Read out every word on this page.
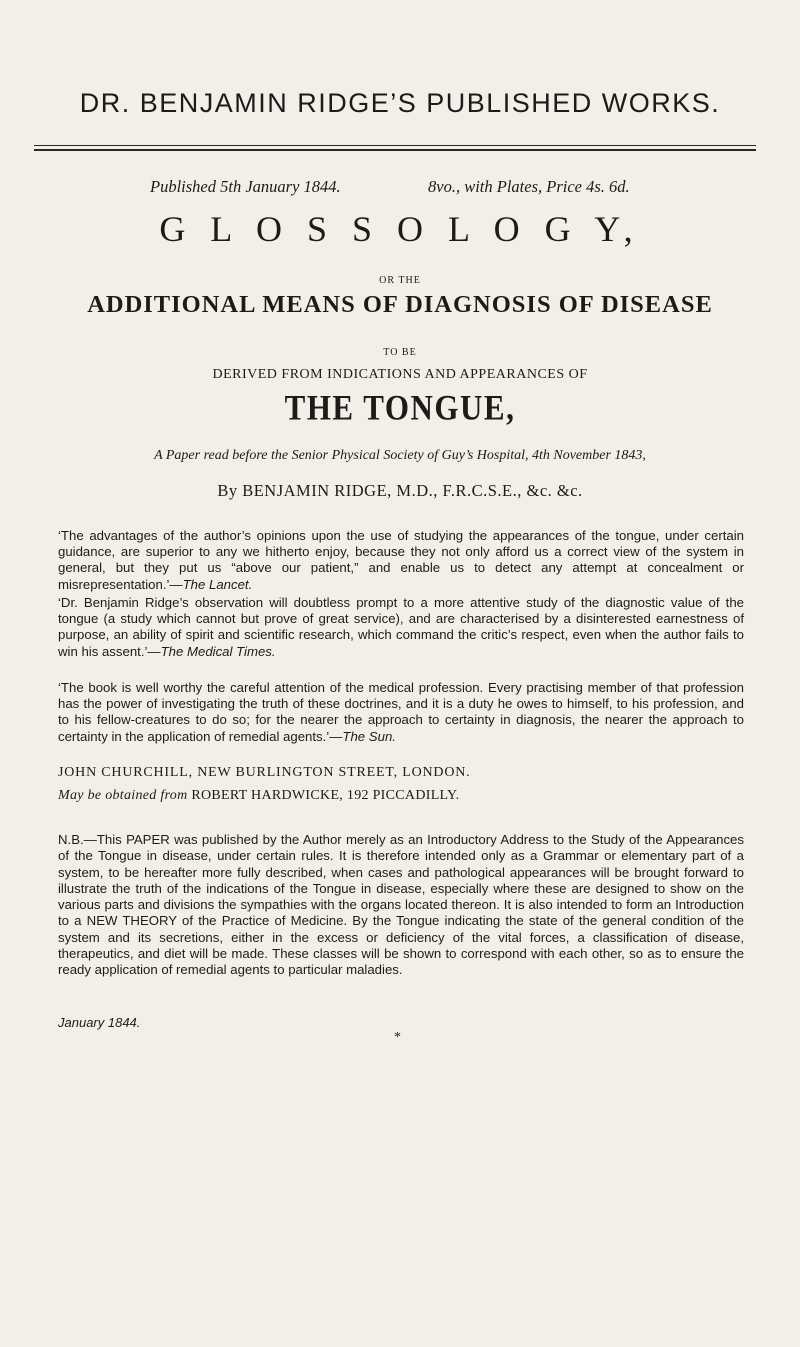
DR. BENJAMIN RIDGE’S PUBLISHED WORKS.
Published 5th January 1844.	8vo., with Plates, Price 4s. 6d.
G L O S S O L O G Y,
OR THE
ADDITIONAL MEANS OF DIAGNOSIS OF DISEASE
TO BE
DERIVED FROM INDICATIONS AND APPEARANCES OF
THE TONGUE,
A Paper read before the Senior Physical Society of Guy’s Hospital, 4th November 1843,
By BENJAMIN RIDGE, M.D., F.R.C.S.E., &c. &c.
‘The advantages of the author’s opinions upon the use of studying the appearances of the tongue, under certain guidance, are superior to any we hitherto enjoy, because they not only afford us a correct view of the system in general, but they put us “above our patient,” and enable us to detect any attempt at concealment or misrepresentation.’—The Lancet.
‘Dr. Benjamin Ridge’s observation will doubtless prompt to a more attentive study of the diagnostic value of the tongue (a study which cannot but prove of great service), and are characterised by a disinterested earnestness of purpose, an ability of spirit and scientific research, which command the critic’s respect, even when the author fails to win his assent.’—The Medical Times.
‘The book is well worthy the careful attention of the medical profession. Every practising member of that profession has the power of investigating the truth of these doctrines, and it is a duty he owes to himself, to his profession, and to his fellow-creatures to do so; for the nearer the approach to certainty in diagnosis, the nearer the approach to certainty in the application of remedial agents.’—The Sun.
JOHN CHURCHILL, NEW BURLINGTON STREET, LONDON.
May be obtained from ROBERT HARDWICKE, 192 PICCADILLY.
N.B.—This PAPER was published by the Author merely as an Introductory Address to the Study of the Appearances of the Tongue in disease, under certain rules. It is therefore intended only as a Grammar or elementary part of a system, to be hereafter more fully described, when cases and pathological appearances will be brought forward to illustrate the truth of the indications of the Tongue in disease, especially where these are designed to show on the various parts and divisions the sympathies with the organs located thereon. It is also intended to form an Introduction to a NEW THEORY of the Practice of Medicine. By the Tongue indicating the state of the general condition of the system and its secretions, either in the excess or deficiency of the vital forces, a classification of disease, therapeutics, and diet will be made. These classes will be shown to correspond with each other, so as to ensure the ready application of remedial agents to particular maladies.
January 1844.
*
